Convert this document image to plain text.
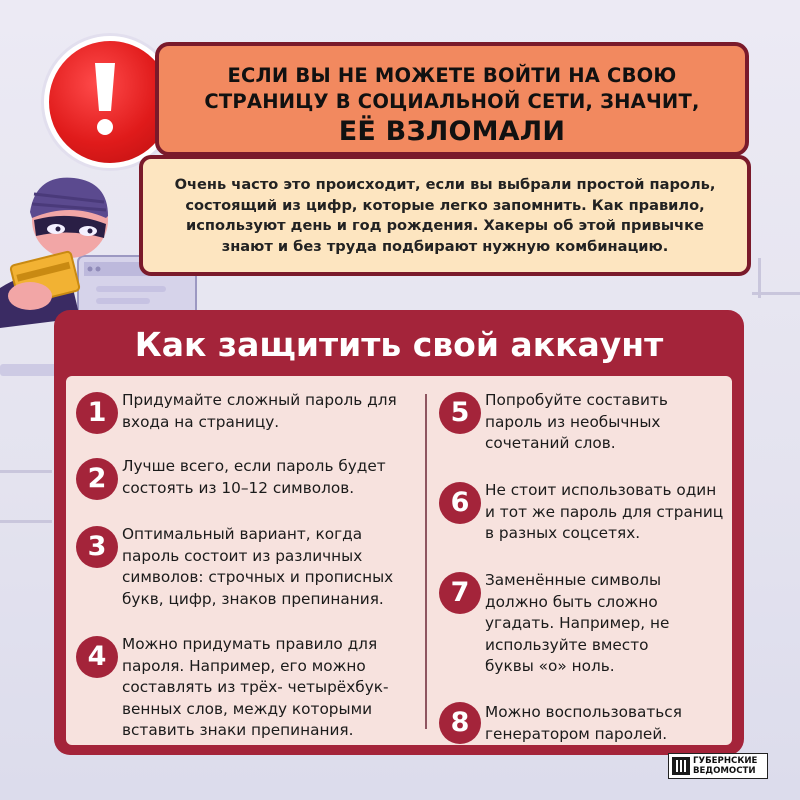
ЕСЛИ ВЫ НЕ МОЖЕТЕ ВОЙТИ НА СВОЮ
СТРАНИЦУ В СОЦИАЛЬНОЙ СЕТИ, ЗНАЧИТ,
ЕЁ ВЗЛОМАЛИ
Очень часто это происходит, если вы выбрали простой пароль,
состоящий из цифр, которые легко запомнить. Как правило,
используют день и год рождения. Хакеры об этой привычке
знают и без труда подбирают нужную комбинацию.
Как защитить свой аккаунт
1	Придумайте сложный пароль для
входа на страницу.
2	Лучше всего, если пароль будет
состоять из 10–12 символов.
3	Оптимальный вариант, когда
пароль состоит из различных
символов: строчных и прописных
букв, цифр, знаков препинания.
4	Можно придумать правило для
пароля. Например, его можно
составлять из трёх- четырёхбук-
венных слов, между которыми
вставить знаки препинания.
5	Попробуйте составить
пароль из необычных
сочетаний слов.
6	Не стоит использовать один
и тот же пароль для страниц
в разных соцсетях.
7	Заменённые символы
должно быть сложно
угадать. Например, не
используйте вместо
буквы «о» ноль.
8	Можно воспользоваться
генератором паролей.
ГУБЕРНСКИЕ
ВЕДОМОСТИ
